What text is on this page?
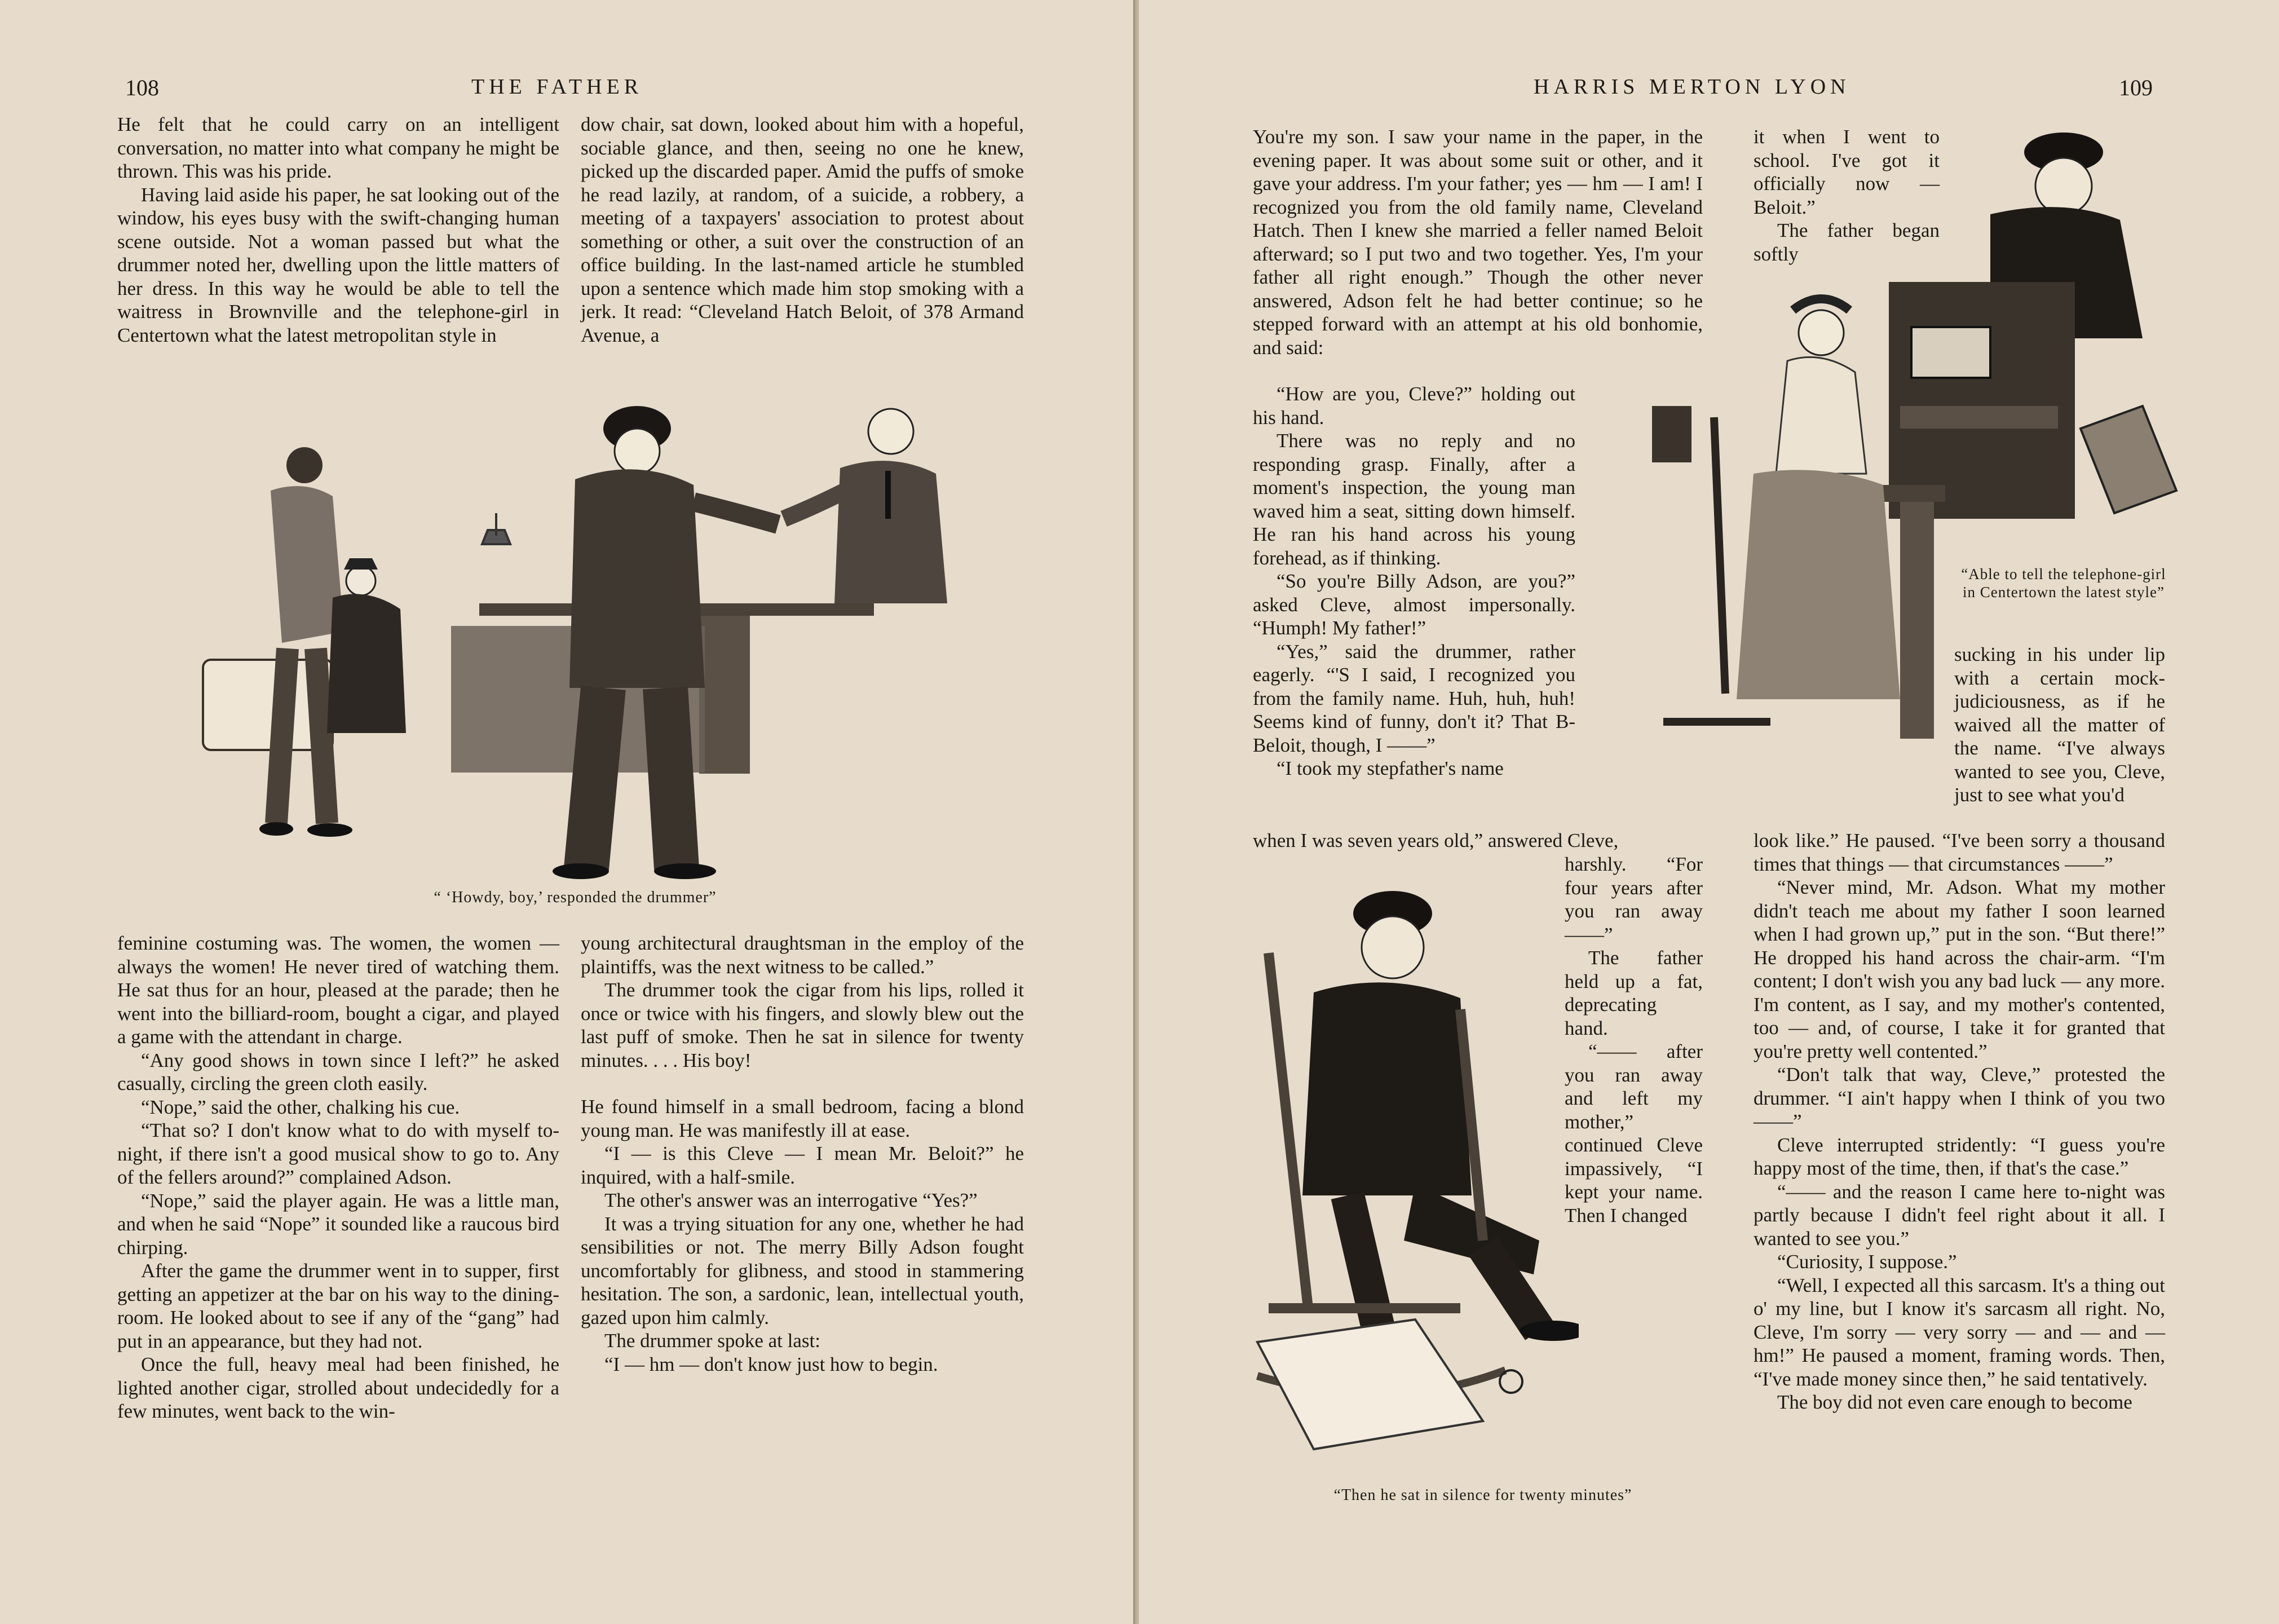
108	THE FATHER

He felt that he could carry on an intelligent conversation, no matter into what company he might be thrown. This was his pride.

Having laid aside his paper, he sat looking out of the window, his eyes busy with the swift-changing human scene outside. Not a woman passed but what the drummer noted her, dwelling upon the little matters of her dress. In this way he would be able to tell the waitress in Brownville and the telephone-girl in Centertown what the latest metropolitan style in

dow chair, sat down, looked about him with a hopeful, sociable glance, and then, seeing no one he knew, picked up the discarded paper. Amid the puffs of smoke he read lazily, at random, of a suicide, a robbery, a meeting of a taxpayers' association to protest about something or other, a suit over the construction of an office building. In the last-named article he stumbled upon a sentence which made him stop smoking with a jerk. It read: “Cleveland Hatch Beloit, of 378 Armand Avenue, a

“ ‘Howdy, boy,’ responded the drummer”

feminine costuming was. The women, the women — always the women! He never tired of watching them. He sat thus for an hour, pleased at the parade; then he went into the billiard-room, bought a cigar, and played a game with the attendant in charge.

“Any good shows in town since I left?” he asked casually, circling the green cloth easily.

“Nope,” said the other, chalking his cue.

“That so? I don't know what to do with myself to-night, if there isn't a good musical show to go to. Any of the fellers around?” complained Adson.

“Nope,” said the player again. He was a little man, and when he said “Nope” it sounded like a raucous bird chirping.

After the game the drummer went in to supper, first getting an appetizer at the bar on his way to the dining-room. He looked about to see if any of the “gang” had put in an appearance, but they had not.

Once the full, heavy meal had been finished, he lighted another cigar, strolled about undecidedly for a few minutes, went back to the win-

young architectural draughtsman in the employ of the plaintiffs, was the next witness to be called.”

The drummer took the cigar from his lips, rolled it once or twice with his fingers, and slowly blew out the last puff of smoke. Then he sat in silence for twenty minutes. . . . His boy!

He found himself in a small bedroom, facing a blond young man. He was manifestly ill at ease.

“I — is this Cleve — I mean Mr. Beloit?” he inquired, with a half-smile.

The other's answer was an interrogative “Yes?”

It was a trying situation for any one, whether he had sensibilities or not. The merry Billy Adson fought uncomfortably for glibness, and stood in stammering hesitation. The son, a sardonic, lean, intellectual youth, gazed upon him calmly.

The drummer spoke at last:

“I — hm — don't know just how to begin.

HARRIS MERTON LYON	109

You're my son. I saw your name in the paper, in the evening paper. It was about some suit or other, and it gave your address. I'm your father; yes — hm — I am! I recognized you from the old family name, Cleveland Hatch. Then I knew she married a feller named Beloit afterward; so I put two and two together. Yes, I'm your father all right enough.” Though the other never answered, Adson felt he had better continue; so he stepped forward with an attempt at his old bonhomie, and said:

“How are you, Cleve?” holding out his hand.

There was no reply and no responding grasp. Finally, after a moment's inspection, the young man waved him a seat, sitting down himself. He ran his hand across his young forehead, as if thinking.

“So you're Billy Adson, are you?” asked Cleve, almost impersonally. “Humph! My father!”

“Yes,” said the drummer, rather eagerly. “'S I said, I recognized you from the family name. Huh, huh, huh! Seems kind of funny, don't it? That B-Beloit, though, I ——”

“I took my stepfather's name

when I was seven years old,” answered Cleve,

harshly. “For four years after you ran away ——”

The father held up a fat, deprecating hand.

“—— after you ran away and left my mother,” continued Cleve impassively, “I kept your name. Then I changed

it when I went to school. I've got it officially now — Beloit.”

The father began softly

sucking in his under lip with a certain mock-judiciousness, as if he waived all the matter of the name. “I've always wanted to see you, Cleve, just to see what you'd

look like.” He paused. “I've been sorry a thousand times that things — that circumstances ——”

“Never mind, Mr. Adson. What my mother didn't teach me about my father I soon learned when I had grown up,” put in the son. “But there!” He dropped his hand across the chair-arm. “I'm content; I don't wish you any bad luck — any more. I'm content, as I say, and my mother's contented, too — and, of course, I take it for granted that you're pretty well contented.”

“Don't talk that way, Cleve,” protested the drummer. “I ain't happy when I think of you two ——”

Cleve interrupted stridently: “I guess you're happy most of the time, then, if that's the case.”

“—— and the reason I came here to-night was partly because I didn't feel right about it all. I wanted to see you.”

“Curiosity, I suppose.”

“Well, I expected all this sarcasm. It's a thing out o' my line, but I know it's sarcasm all right. No, Cleve, I'm sorry — very sorry — and — and — hm!” He paused a moment, framing words. Then, “I've made money since then,” he said tentatively.

The boy did not even care enough to become

“Able to tell the telephone-girl in Centertown the latest style”
“Then he sat in silence for twenty minutes”
